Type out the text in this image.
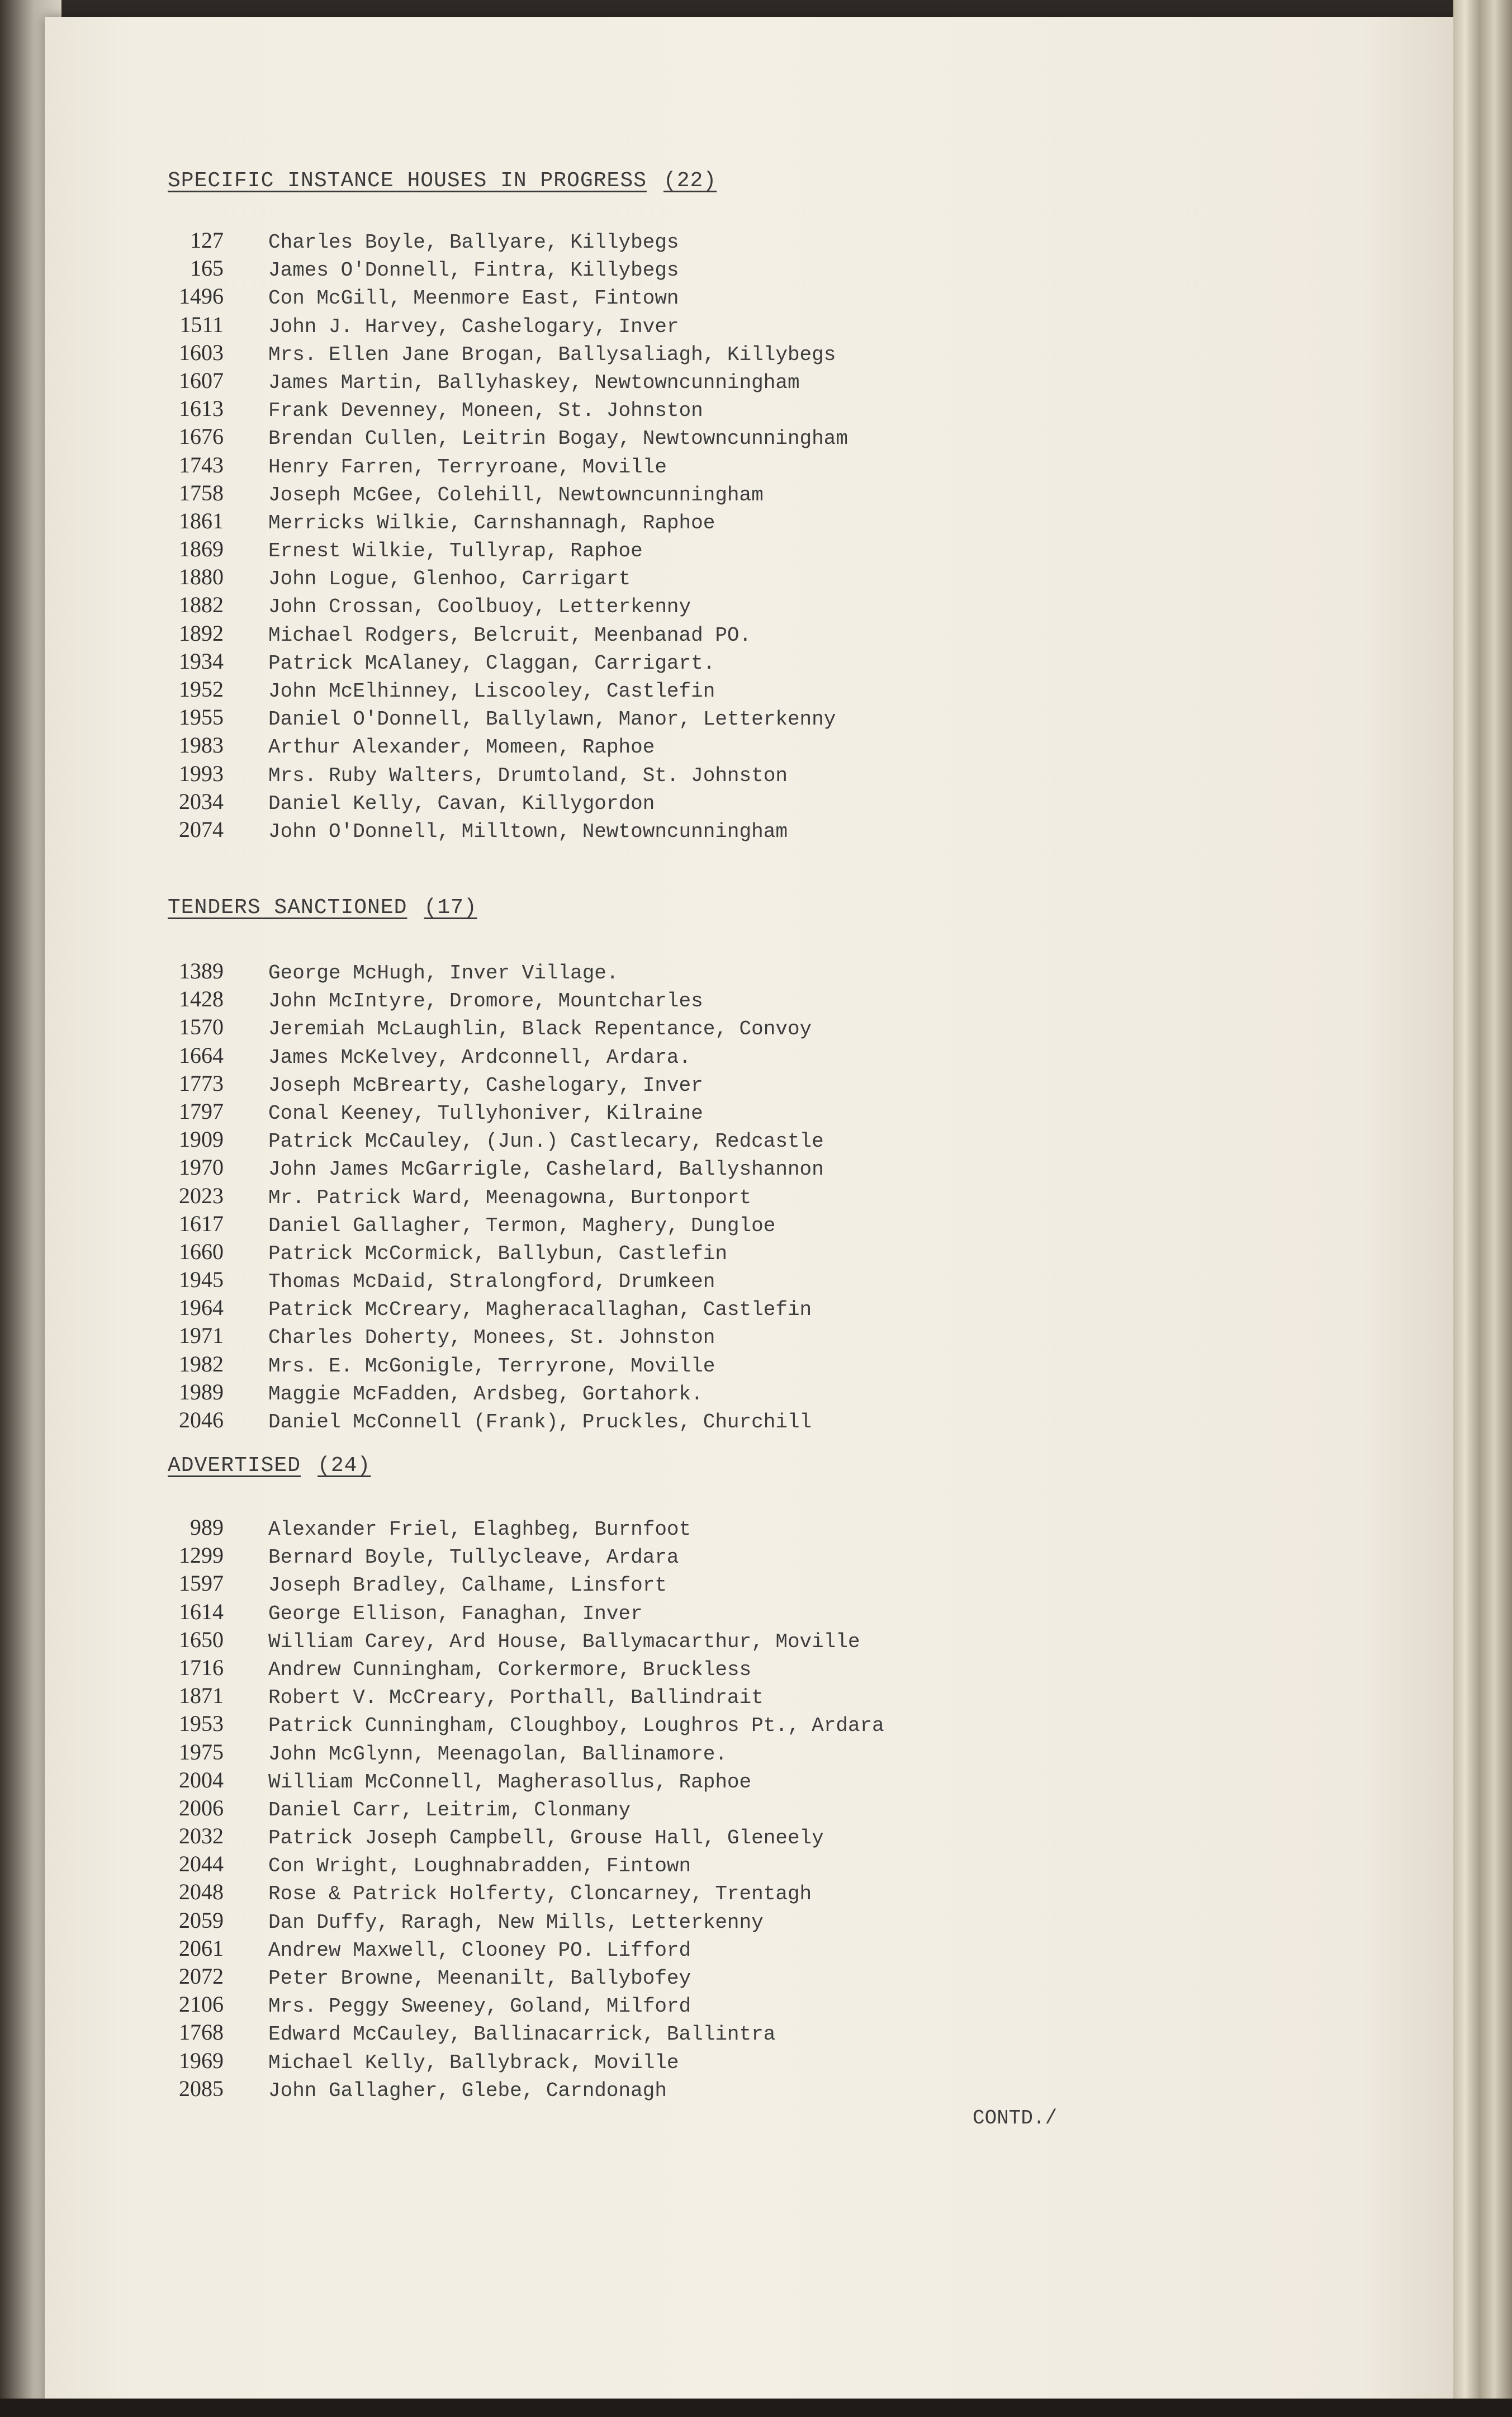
SPECIFIC INSTANCE HOUSES IN PROGRESS (22)
127 Charles Boyle, Ballyare, Killybegs
165 James O'Donnell, Fintra, Killybegs
1496 Con McGill, Meenmore East, Fintown
1511 John J. Harvey, Cashelogary, Inver
1603 Mrs. Ellen Jane Brogan, Ballysaliagh, Killybegs
1607 James Martin, Ballyhaskey, Newtowncunningham
1613 Frank Devenney, Moneen, St. Johnston
1676 Brendan Cullen, Leitrin Bogay, Newtowncunningham
1743 Henry Farren, Terryroane, Moville
1758 Joseph McGee, Colehill, Newtowncunningham
1861 Merricks Wilkie, Carnshannagh, Raphoe
1869 Ernest Wilkie, Tullyrap, Raphoe
1880 John Logue, Glenhoo, Carrigart
1882 John Crossan, Coolbuoy, Letterkenny
1892 Michael Rodgers, Belcruit, Meenbanad PO.
1934 Patrick McAlaney, Claggan, Carrigart.
1952 John McElhinney, Liscooley, Castlefin
1955 Daniel O'Donnell, Ballylawn, Manor, Letterkenny
1983 Arthur Alexander, Momeen, Raphoe
1993 Mrs. Ruby Walters, Drumtoland, St. Johnston
2034 Daniel Kelly, Cavan, Killygordon
2074 John O'Donnell, Milltown, Newtowncunningham
TENDERS SANCTIONED (17)
1389 George McHugh, Inver Village.
1428 John McIntyre, Dromore, Mountcharles
1570 Jeremiah McLaughlin, Black Repentance, Convoy
1664 James McKelvey, Ardconnell, Ardara.
1773 Joseph McBrearty, Cashelogary, Inver
1797 Conal Keeney, Tullyhoniver, Kilraine
1909 Patrick McCauley, (Jun.) Castlecary, Redcastle
1970 John James McGarrigle, Cashelard, Ballyshannon
2023 Mr. Patrick Ward, Meenagowna, Burtonport
1617 Daniel Gallagher, Termon, Maghery, Dungloe
1660 Patrick McCormick, Ballybun, Castlefin
1945 Thomas McDaid, Stralongford, Drumkeen
1964 Patrick McCreary, Magheracallaghan, Castlefin
1971 Charles Doherty, Monees, St. Johnston
1982 Mrs. E. McGonigle, Terryrone, Moville
1989 Maggie McFadden, Ardsbeg, Gortahork.
2046 Daniel McConnell (Frank), Pruckles, Churchill
ADVERTISED (24)
989 Alexander Friel, Elaghbeg, Burnfoot
1299 Bernard Boyle, Tullycleave, Ardara
1597 Joseph Bradley, Calhame, Linsfort
1614 George Ellison, Fanaghan, Inver
1650 William Carey, Ard House, Ballymacarthur, Moville
1716 Andrew Cunningham, Corkermore, Bruckless
1871 Robert V. McCreary, Porthall, Ballindrait
1953 Patrick Cunningham, Cloughboy, Loughros Pt., Ardara
1975 John McGlynn, Meenagolan, Ballinamore.
2004 William McConnell, Magherasollus, Raphoe
2006 Daniel Carr, Leitrim, Clonmany
2032 Patrick Joseph Campbell, Grouse Hall, Gleneely
2044 Con Wright, Loughnabradden, Fintown
2048 Rose & Patrick Holferty, Cloncarney, Trentagh
2059 Dan Duffy, Raragh, New Mills, Letterkenny
2061 Andrew Maxwell, Clooney PO. Lifford
2072 Peter Browne, Meenanilt, Ballybofey
2106 Mrs. Peggy Sweeney, Goland, Milford
1768 Edward McCauley, Ballinacarrick, Ballintra
1969 Michael Kelly, Ballybrack, Moville
2085 John Gallagher, Glebe, Carndonagh
CONTD./
